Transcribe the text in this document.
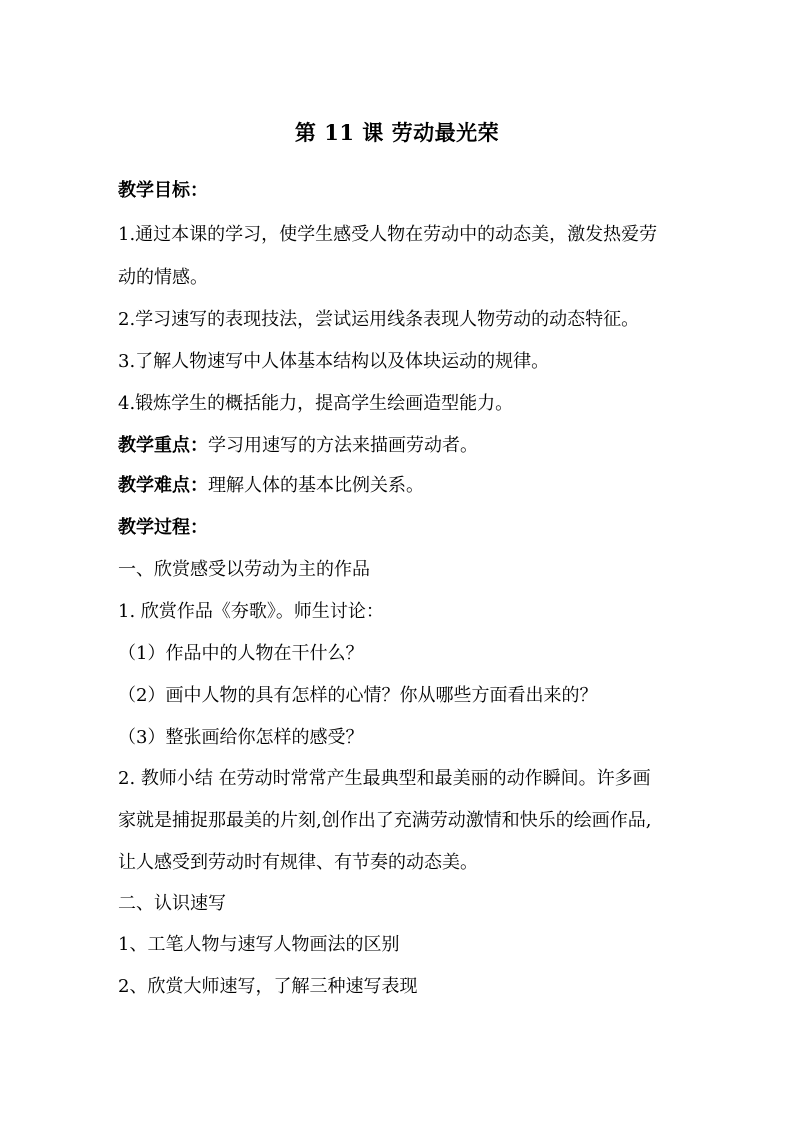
第 11 课 劳动最光荣
教学目标：
1.通过本课的学习，使学生感受人物在劳动中的动态美，激发热爱劳
动的情感。
2.学习速写的表现技法，尝试运用线条表现人物劳动的动态特征。
3.了解人物速写中人体基本结构以及体块运动的规律。
4.锻炼学生的概括能力，提高学生绘画造型能力。
教学重点：学习用速写的方法来描画劳动者。
教学难点：理解人体的基本比例关系。
教学过程：
一、欣赏感受以劳动为主的作品
1. 欣赏作品《夯歌》。师生讨论：
（1）作品中的人物在干什么？
（2）画中人物的具有怎样的心情？你从哪些方面看出来的？
（3）整张画给你怎样的感受？
2. 教师小结 在劳动时常常产生最典型和最美丽的动作瞬间。许多画
家就是捕捉那最美的片刻,创作出了充满劳动激情和快乐的绘画作品,
让人感受到劳动时有规律、有节奏的动态美。
二、认识速写
1、工笔人物与速写人物画法的区别
2、欣赏大师速写，了解三种速写表现
